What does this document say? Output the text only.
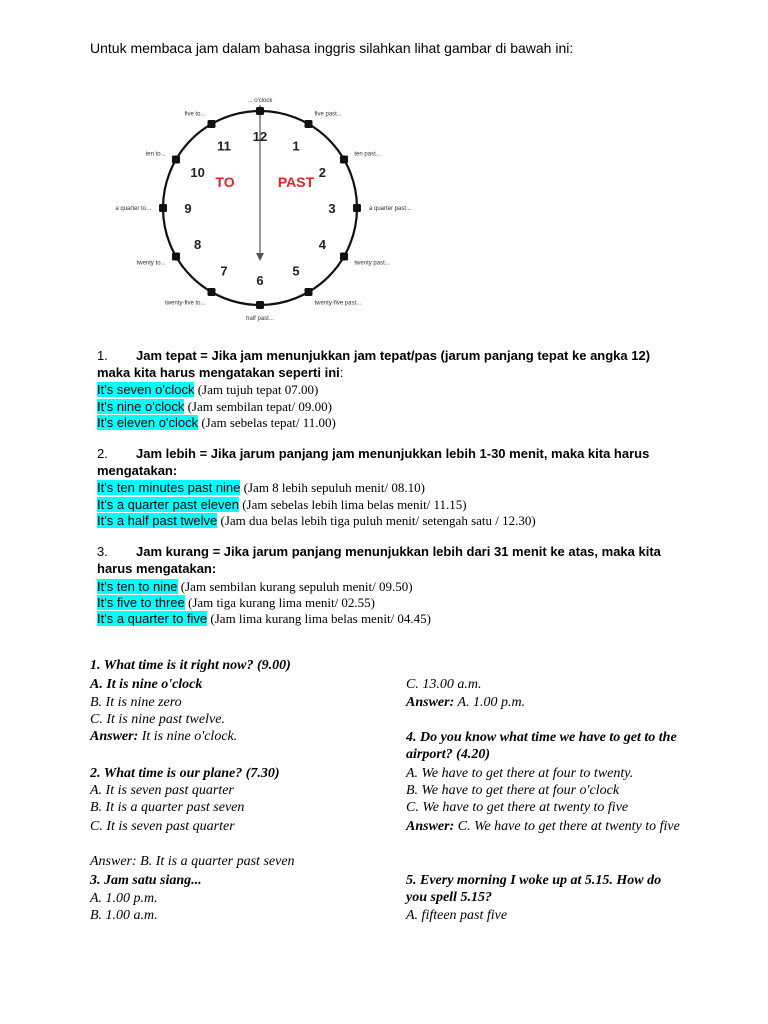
Untuk membaca jam dalam bahasa inggris silahkan lihat gambar di bawah ini:
12
1
2
3
4
5
6
7
8
9
10
11
... o'clock
five past...
ten past...
a quarter past...
twenty past...
twenty-five past...
half past...
twenty-five to...
twenty to...
a quarter to...
ten to...
five to...
TO	PAST
1. Jam tepat = Jika jam menunjukkan jam tepat/pas (jarum panjang tepat ke angka 12) maka kita harus mengatakan seperti ini:
It's seven o'clock (Jam tujuh tepat 07.00)
It's nine o'clock (Jam sembilan tepat/ 09.00)
It's eleven o'clock (Jam sebelas tepat/ 11.00)
2. Jam lebih = Jika jarum panjang jam menunjukkan lebih 1-30 menit, maka kita harus mengatakan:
It's ten minutes past nine (Jam 8 lebih sepuluh menit/ 08.10)
It's a quarter past eleven (Jam sebelas lebih lima belas menit/ 11.15)
It's a half past twelve (Jam dua belas lebih tiga puluh menit/ setengah satu / 12.30)
3. Jam kurang = Jika jarum panjang menunjukkan lebih dari 31 menit ke atas, maka kita harus mengatakan:
It's ten to nine (Jam sembilan kurang sepuluh menit/ 09.50)
It's five to three (Jam tiga kurang lima menit/ 02.55)
It's a quarter to five (Jam lima kurang lima belas menit/ 04.45)
1. What time is it right now? (9.00)
A. It is nine o'clock
B. It is nine zero
C. It is nine past twelve.
Answer: It is nine o'clock.
2. What time is our plane? (7.30)
A. It is seven past quarter
B. It is a quarter past seven
C. It is seven past quarter
Answer: B. It is a quarter past seven
3. Jam satu siang...
A. 1.00 p.m.
B. 1.00 a.m.
C. 13.00 a.m.
Answer: A. 1.00 p.m.
4. Do you know what time we have to get to the airport? (4.20)
A. We have to get there at four to twenty.
B. We have to get there at four o'clock
C. We have to get there at twenty to five
Answer: C. We have to get there at twenty to five
5. Every morning I woke up at 5.15. How do you spell 5.15?
A. fifteen past five
